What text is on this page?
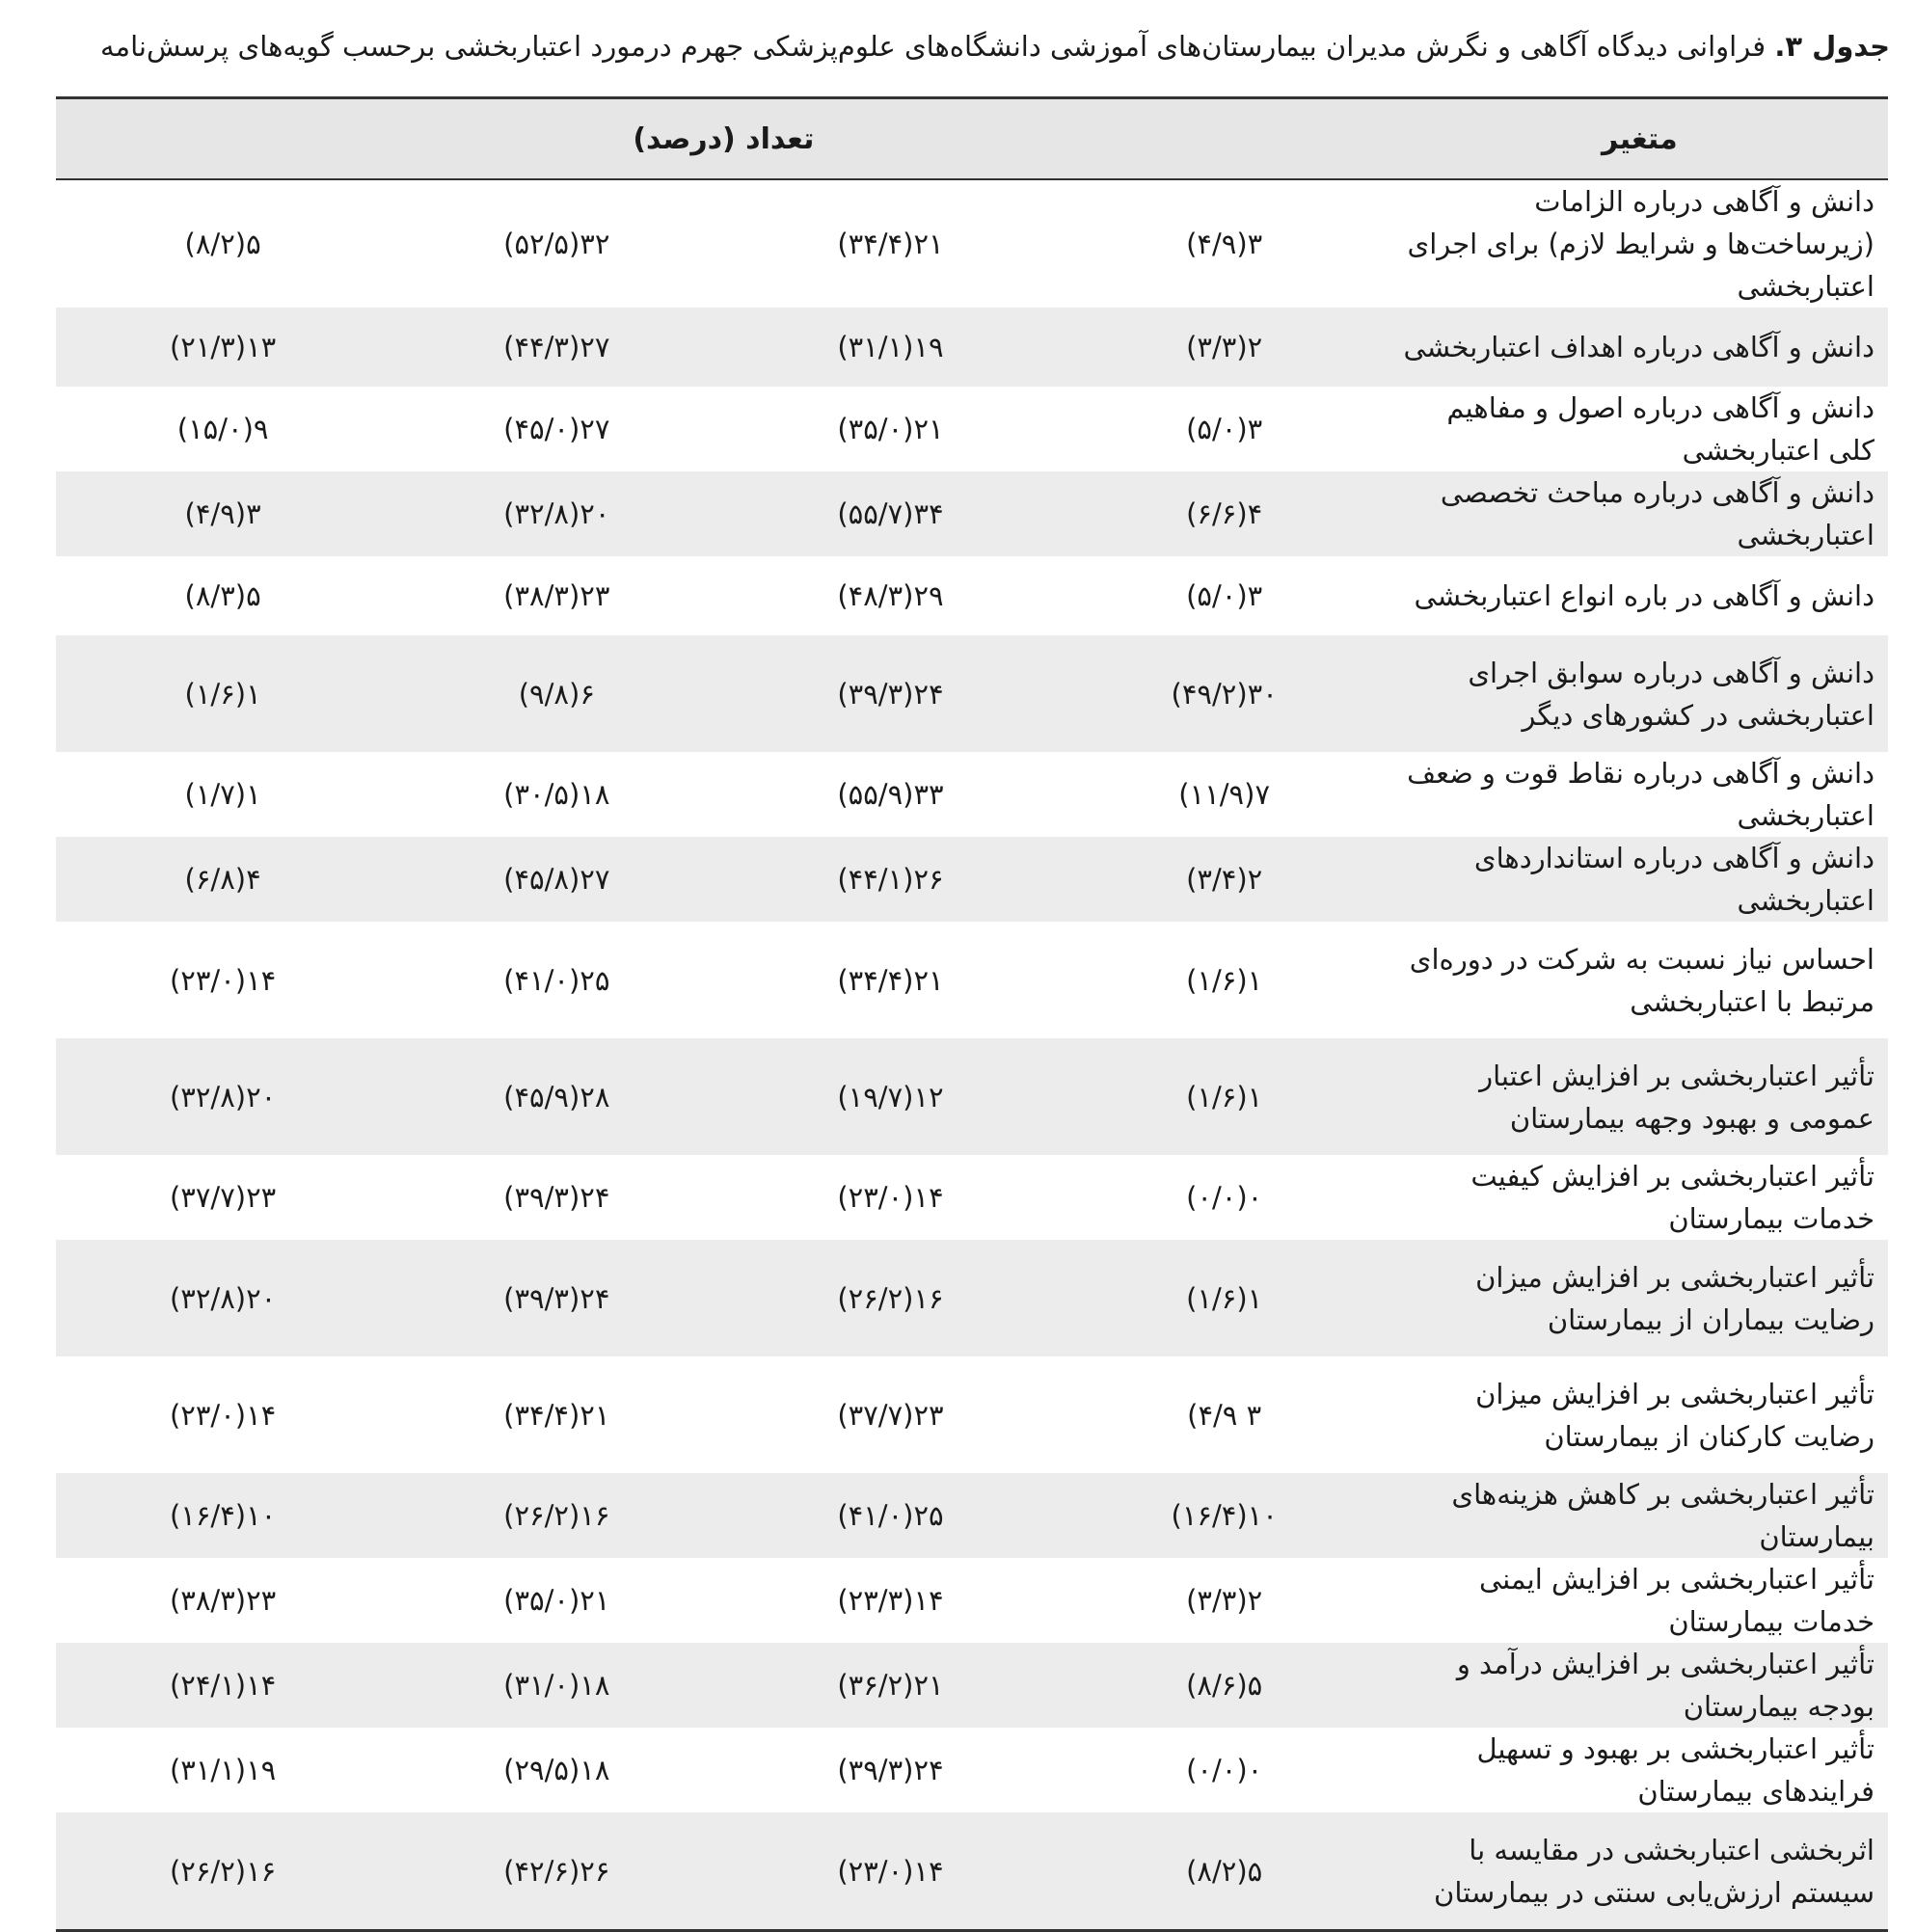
جدول ۳. فراوانی دیدگاه آگاهی و نگرش مدیران بیمارستان‌های آموزشی دانشگاه‌های علوم‌پزشکی جهرم درمورد اعتباربخشی برحسب گویه‌های پرسش‌نامه
متغیر	تعداد (درصد)			
دانش و آگاهی درباره الزامات (زیرساخت‌ها و شرایط لازم) برای اجرای اعتباربخشی	۳(۴/۹)	۲۱(۳۴/۴)	۳۲(۵۲/۵)	۵(۸/۲)
دانش و آگاهی درباره اهداف اعتباربخشی	۲(۳/۳)	۱۹(۳۱/۱)	۲۷(۴۴/۳)	۱۳(۲۱/۳)
دانش و آگاهی درباره اصول و مفاهیم کلی اعتباربخشی	۳(۵/۰)	۲۱(۳۵/۰)	۲۷(۴۵/۰)	۹(۱۵/۰)
دانش و آگاهی درباره مباحث تخصصی اعتباربخشی	۴(۶/۶)	۳۴(۵۵/۷)	۲۰(۳۲/۸)	۳(۴/۹)
دانش و آگاهی در باره انواع اعتباربخشی	۳(۵/۰)	۲۹(۴۸/۳)	۲۳(۳۸/۳)	۵(۸/۳)
دانش و آگاهی درباره سوابق اجرای اعتباربخشی در کشورهای دیگر	۳۰(۴۹/۲)	۲۴(۳۹/۳)	۶(۹/۸)	۱(۱/۶)
دانش و آگاهی درباره نقاط قوت و ضعف اعتباربخشی	۷(۱۱/۹)	۳۳(۵۵/۹)	۱۸(۳۰/۵)	۱(۱/۷)
دانش و آگاهی درباره استانداردهای اعتباربخشی	۲(۳/۴)	۲۶(۴۴/۱)	۲۷(۴۵/۸)	۴(۶/۸)
احساس نیاز نسبت به شرکت در دوره‌ای مرتبط با اعتباربخشی	۱(۱/۶)	۲۱(۳۴/۴)	۲۵(۴۱/۰)	۱۴(۲۳/۰)
تأثیر اعتباربخشی بر افزایش اعتبار عمومی و بهبود وجهه بیمارستان	۱(۱/۶)	۱۲(۱۹/۷)	۲۸(۴۵/۹)	۲۰(۳۲/۸)
تأثیر اعتباربخشی بر افزایش کیفیت خدمات بیمارستان	۰(۰/۰)	۱۴(۲۳/۰)	۲۴(۳۹/۳)	۲۳(۳۷/۷)
تأثیر اعتباربخشی بر افزایش میزان رضایت بیماران از بیمارستان	۱(۱/۶)	۱۶(۲۶/۲)	۲۴(۳۹/۳)	۲۰(۳۲/۸)
تأثیر اعتباربخشی بر افزایش میزان رضایت کارکنان از بیمارستان	۳ ۴/۹)	۲۳(۳۷/۷)	۲۱(۳۴/۴)	۱۴(۲۳/۰)
تأثیر اعتباربخشی بر کاهش هزینه‌های بیمارستان	۱۰(۱۶/۴)	۲۵(۴۱/۰)	۱۶(۲۶/۲)	۱۰(۱۶/۴)
تأثیر اعتباربخشی بر افزایش ایمنی خدمات بیمارستان	۲(۳/۳)	۱۴(۲۳/۳)	۲۱(۳۵/۰)	۲۳(۳۸/۳)
تأثیر اعتباربخشی بر افزایش درآمد و بودجه بیمارستان	۵(۸/۶)	۲۱(۳۶/۲)	۱۸(۳۱/۰)	۱۴(۲۴/۱)
تأثیر اعتباربخشی بر بهبود و تسهیل فرایندهای بیمارستان	۰(۰/۰)	۲۴(۳۹/۳)	۱۸(۲۹/۵)	۱۹(۳۱/۱)
اثربخشی اعتباربخشی در مقایسه با سیستم ارزش‌یابی سنتی در بیمارستان	۵(۸/۲)	۱۴(۲۳/۰)	۲۶(۴۲/۶)	۱۶(۲۶/۲)
